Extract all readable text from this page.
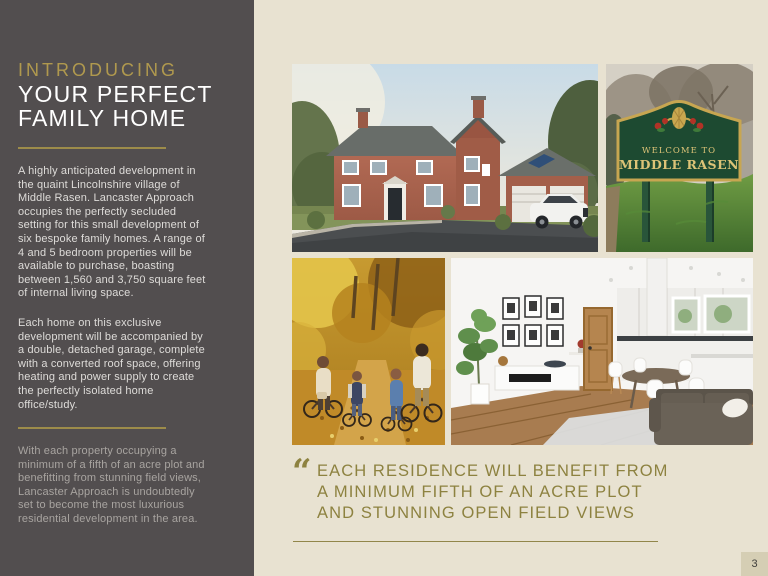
INTRODUCING
YOUR PERFECT
FAMILY HOME

A highly anticipated development in the quaint Lincolnshire village of Middle Rasen. Lancaster Approach occupies the perfectly secluded setting for this small development of six bespoke family homes. A range of 4 and 5 bedroom properties will be available to purchase, boasting between 1,560 and 3,750 square feet of internal living space.

Each home on this exclusive development will be accompanied by a double, detached garage, complete with a converted roof space, offering heating and power supply to create the perfectly isolated home office/study.

With each property occupying a minimum of a fifth of an acre plot and benefitting from stunning field views, Lancaster Approach is undoubtedly set to become the most luxurious residential development in the area.

WELCOME TO
MIDDLE RASEN
“ EACH RESIDENCE WILL BENEFIT FROM
A MINIMUM FIFTH OF AN ACRE PLOT
AND STUNNING OPEN FIELD VIEWS
3
